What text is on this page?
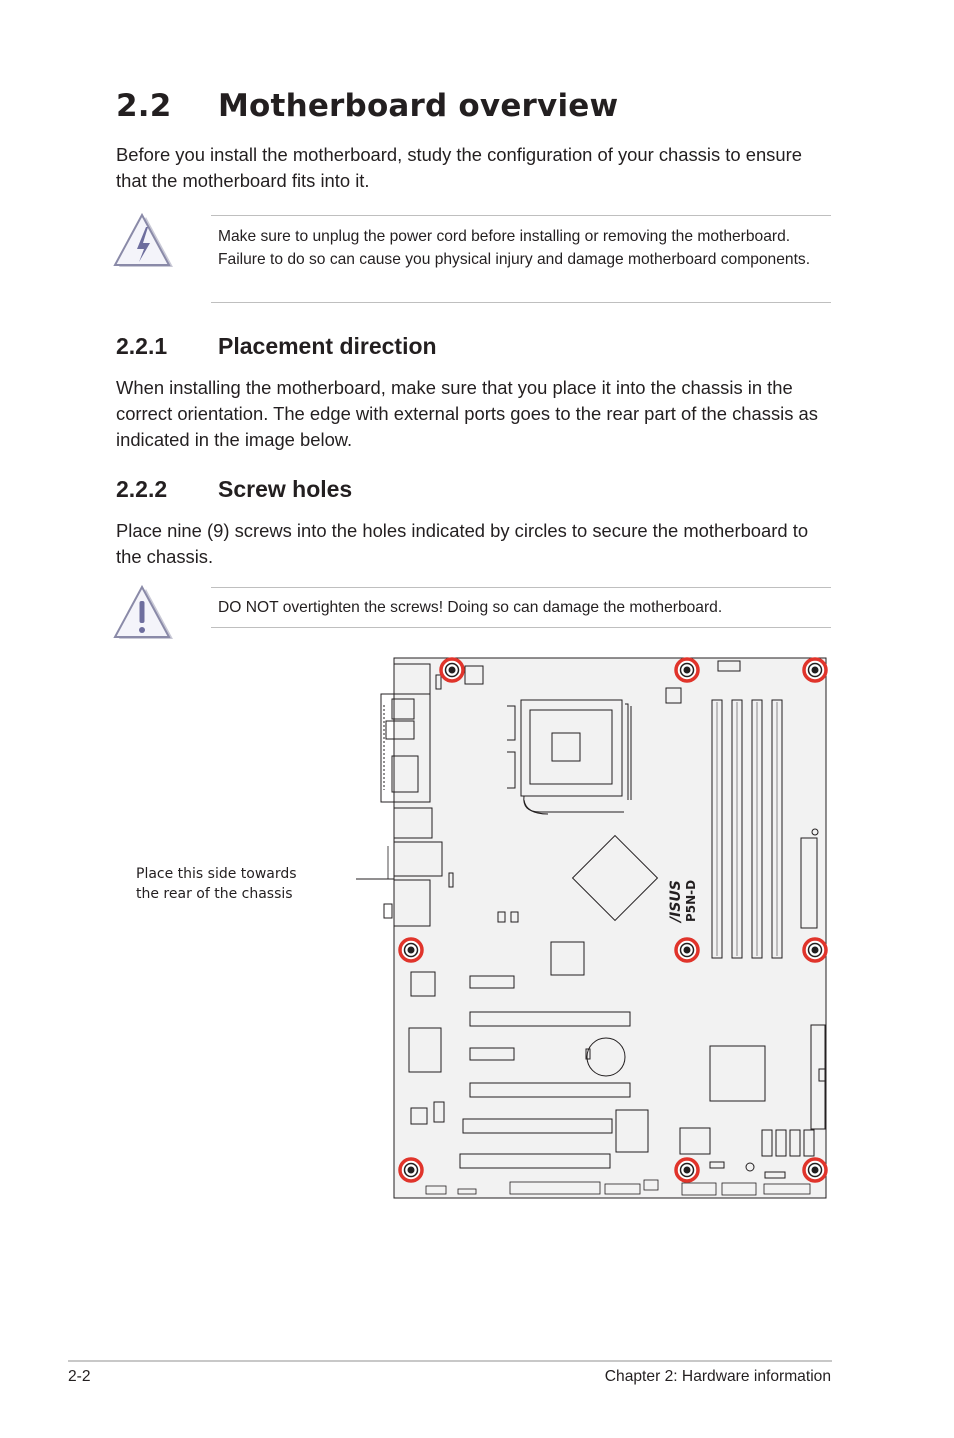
2.2 Motherboard overview

Before you install the motherboard, study the configuration of your chassis to ensure that the motherboard fits into it.

Make sure to unplug the power cord before installing or removing the motherboard. Failure to do so can cause you physical injury and damage motherboard components.
2.2.1 Placement direction

When installing the motherboard, make sure that you place it into the chassis in the correct orientation. The edge with external ports goes to the rear part of the chassis as indicated in the image below.

2.2.2 Screw holes

Place nine (9) screws into the holes indicated by circles to secure the motherboard to the chassis.

DO NOT overtighten the screws! Doing so can damage the motherboard.
Place this side towards
the rear of the chassis	/ISUS P5N-D
2-2	Chapter 2: Hardware information
